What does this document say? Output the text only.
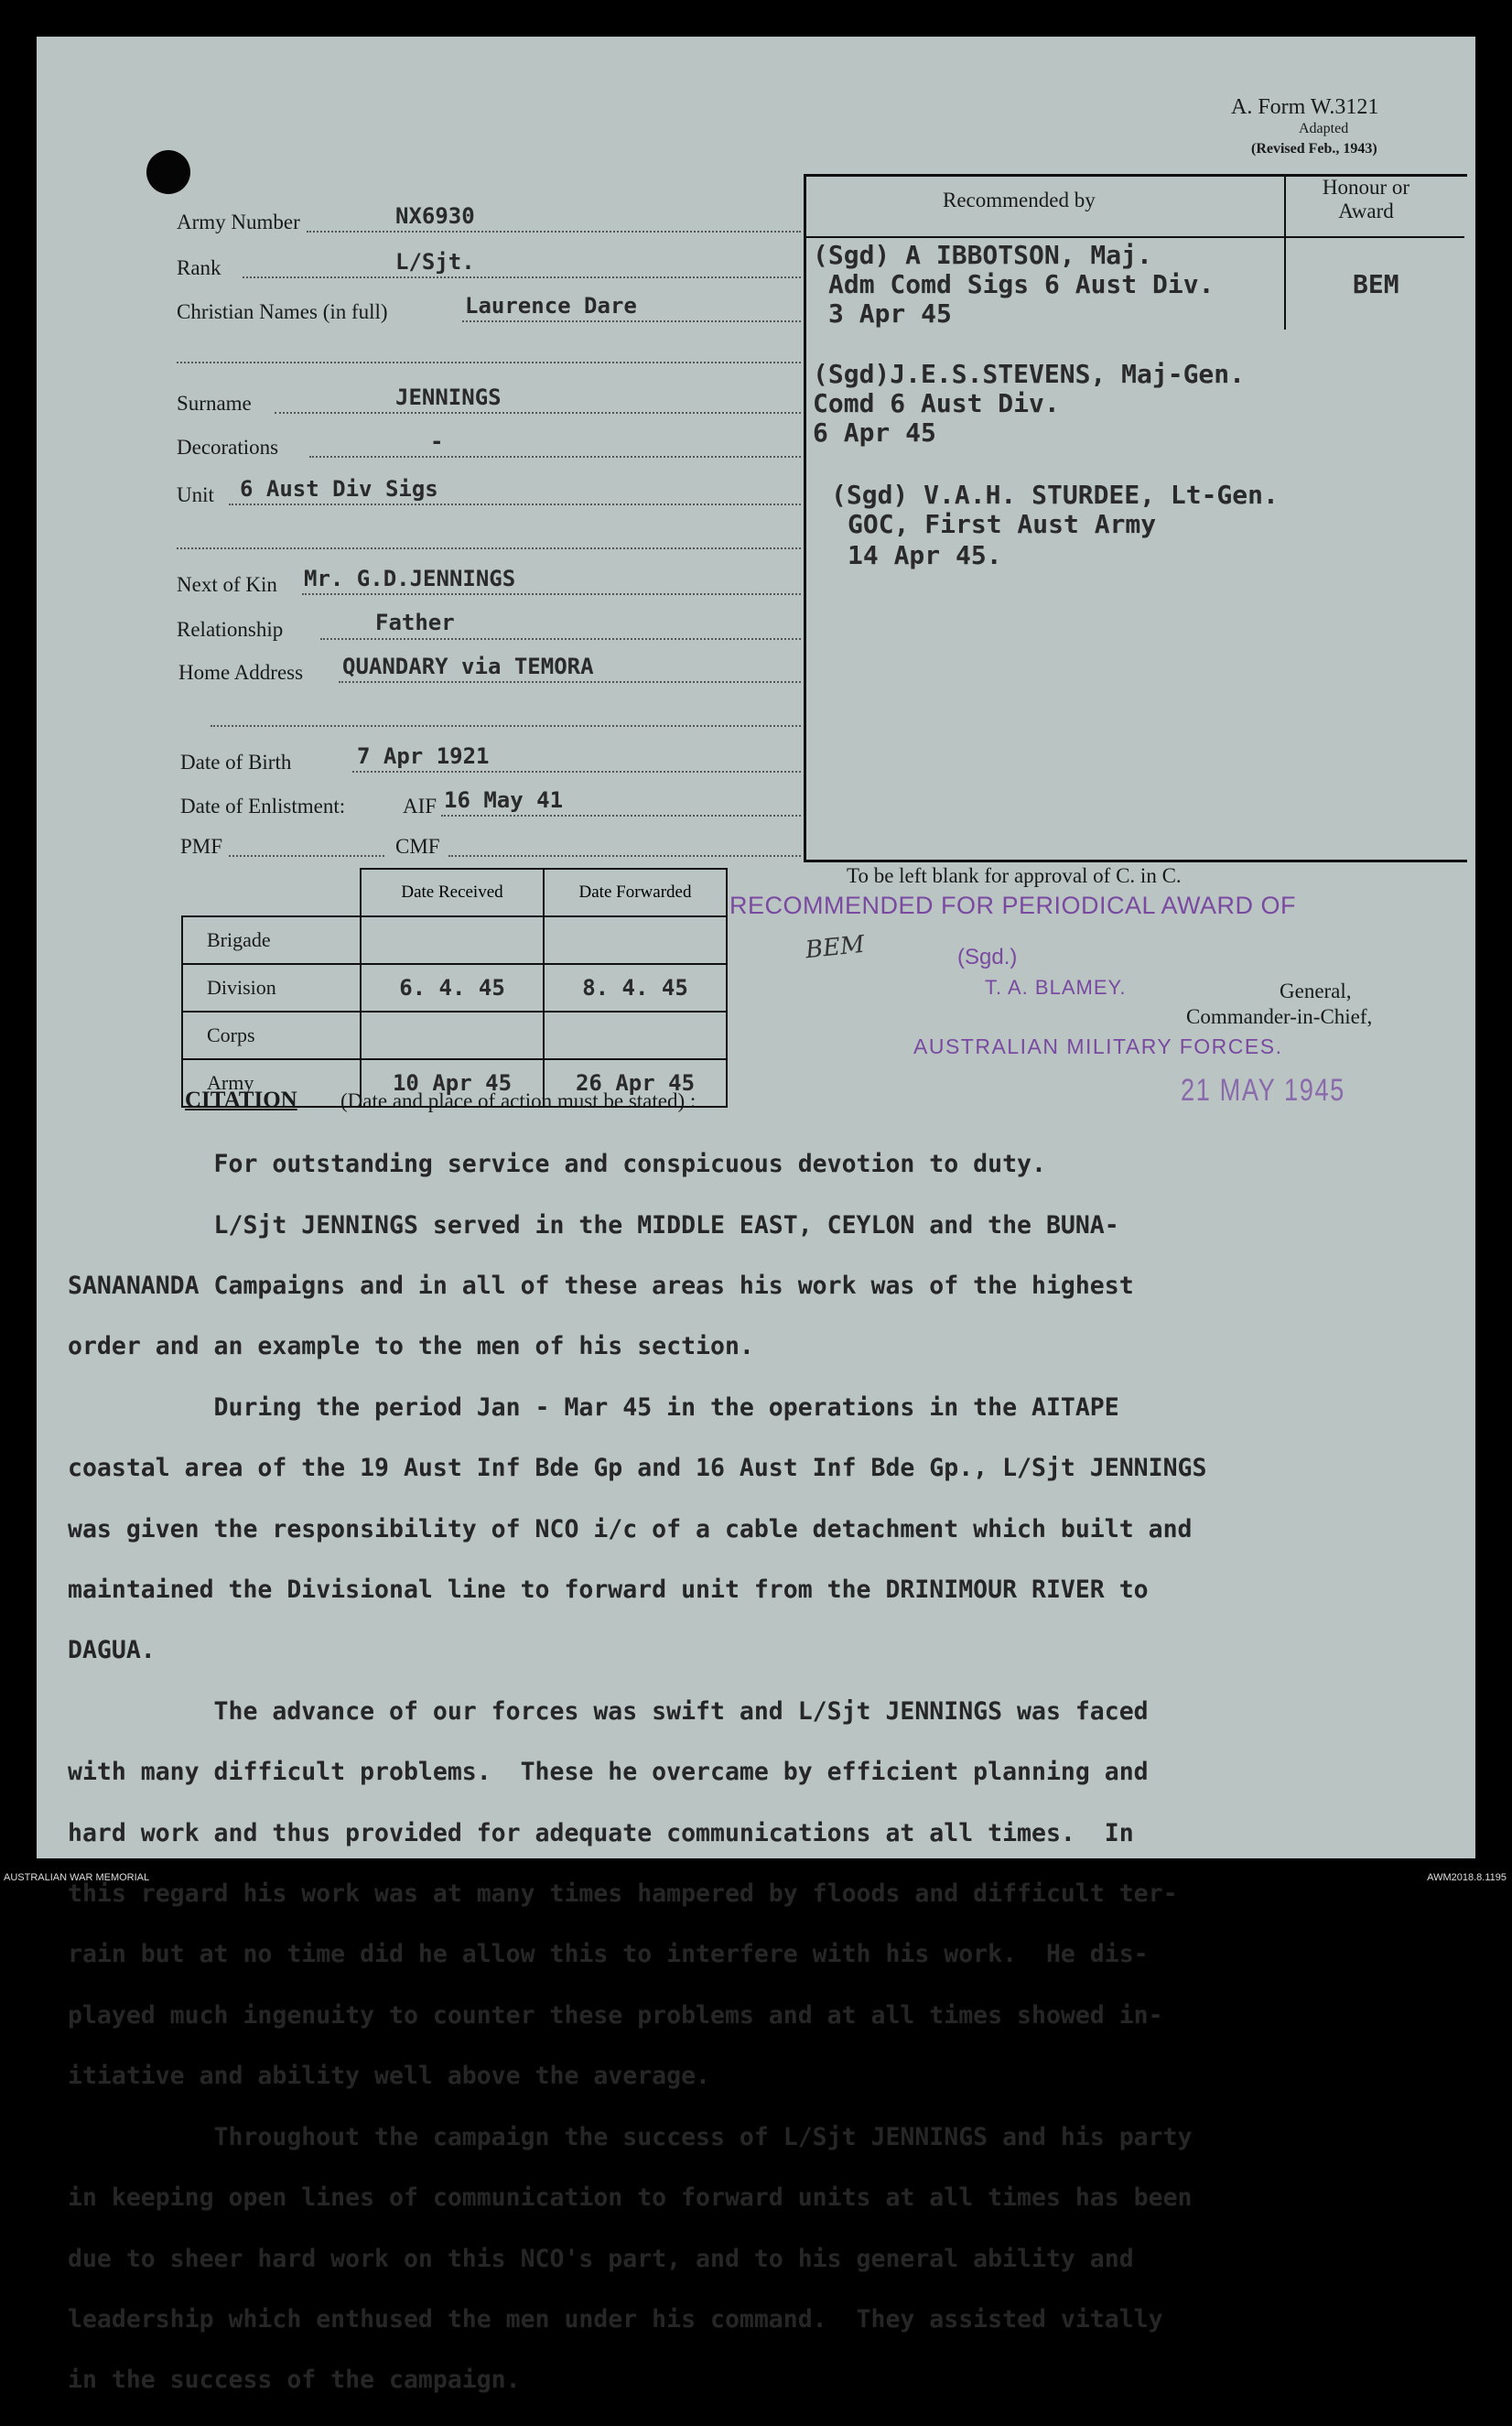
A. Form W.3121
Adapted
(Revised Feb., 1943)
Army Number	NX6930
Rank	L/Sjt.
Christian Names (in full)	Laurence Dare
Surname	JENNINGS
Decorations	-
Unit 6 Aust Div Sigs
Next of Kin Mr. G.D.JENNINGS
Relationship	Father
Home Address QUANDARY via TEMORA
Date of Birth	7 Apr 1921
Date of Enlistment:	AIF 16 May 41
PMF	CMF
Recommended by
Honour or Award
(Sgd) A IBBOTSON, Maj.
Adm Comd Sigs 6 Aust Div.
3 Apr 45
BEM
(Sgd)J.E.S.STEVENS, Maj-Gen.
Comd 6 Aust Div.
6 Apr 45
(Sgd) V.A.H. STURDEE, Lt-Gen.
GOC, First Aust Army
14 Apr 45.
	Date Received	Date Forwarded
Brigade		
Division	6. 4. 45	8. 4. 45
Corps		
Army	10 Apr 45	26 Apr 45
To be left blank for approval of C. in C.
RECOMMENDED FOR PERIODICAL AWARD OF
BEM	(Sgd.)
T. A. BLAMEY.	General,
Commander-in-Chief,
AUSTRALIAN MILITARY FORCES.
21 MAY 1945
CITATION (Date and place of action must be stated) :

For outstanding service and conspicuous devotion to duty.

L/Sjt JENNINGS served in the MIDDLE EAST, CEYLON and the BUNA-

SANANANDA Campaigns and in all of these areas his work was of the highest

order and an example to the men of his section.

During the period Jan - Mar 45 in the operations in the AITAPE

coastal area of the 19 Aust Inf Bde Gp and 16 Aust Inf Bde Gp., L/Sjt JENNINGS

was given the responsibility of NCO i/c of a cable detachment which built and

maintained the Divisional line to forward unit from the DRINIMOUR RIVER to

DAGUA.

The advance of our forces was swift and L/Sjt JENNINGS was faced

with many difficult problems.  These he overcame by efficient planning and

hard work and thus provided for adequate communications at all times.  In

this regard his work was at many times hampered by floods and difficult ter-

rain but at no time did he allow this to interfere with his work.  He dis-

played much ingenuity to counter these problems and at all times showed in-

itiative and ability well above the average.

Throughout the campaign the success of L/Sjt JENNINGS and his party

in keeping open lines of communication to forward units at all times has been

due to sheer hard work on this NCO's part, and to his general ability and

leadership which enthused the men under his command.  They assisted vitally

in the success of the campaign.

AUSTRALIAN WAR MEMORIAL	AWM2018.8.1195
